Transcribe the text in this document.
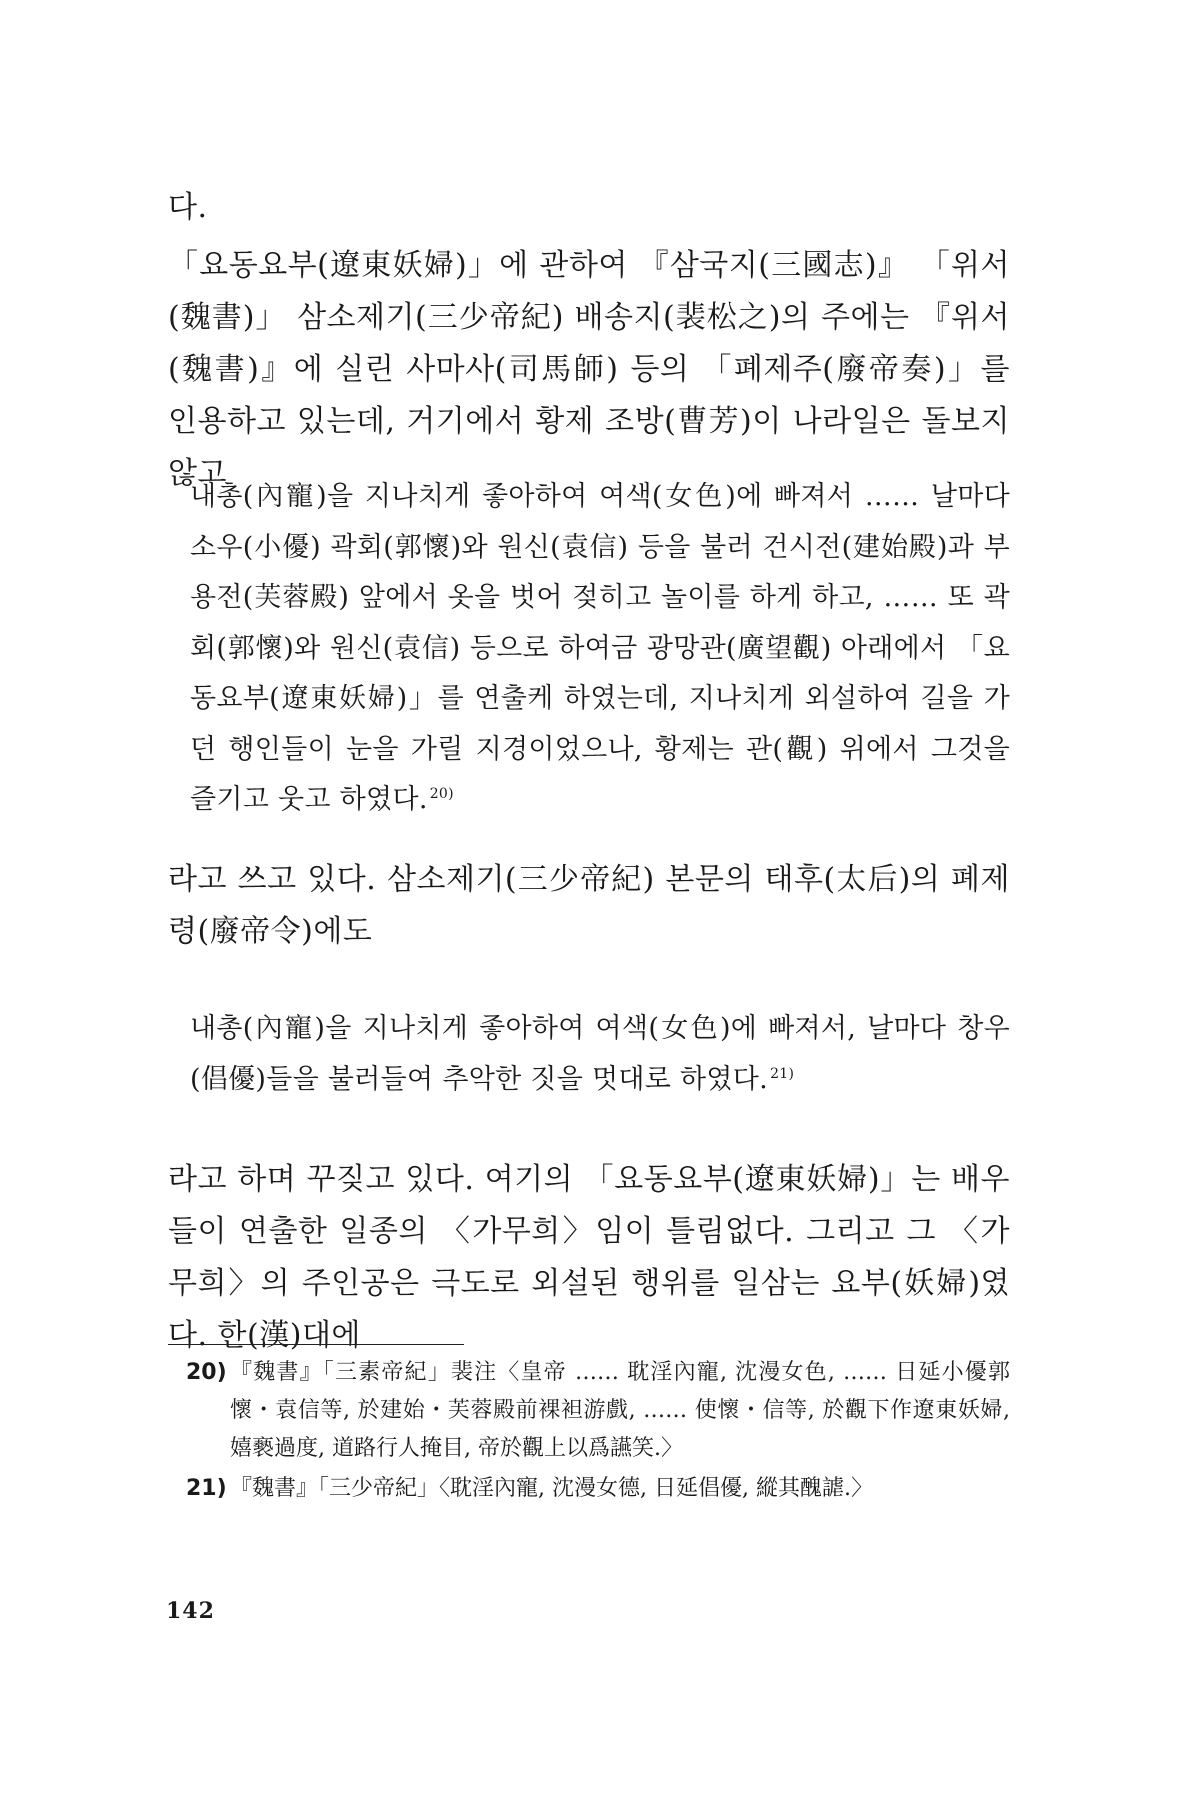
다.

「요동요부(遼東妖婦)」에 관하여 『삼국지(三國志)』 「위서(魏書)」 삼소제기(三少帝紀) 배송지(裴松之)의 주에는 『위서(魏書)』에 실린 사마사(司馬師) 등의 「폐제주(廢帝奏)」를 인용하고 있는데, 거기에서 황제 조방(曹芳)이 나라일은 돌보지 않고

내총(內寵)을 지나치게 좋아하여 여색(女色)에 빠져서 …… 날마다 소우(小優) 곽회(郭懷)와 원신(袁信) 등을 불러 건시전(建始殿)과 부용전(芙蓉殿) 앞에서 옷을 벗어 젖히고 놀이를 하게 하고, …… 또 곽회(郭懷)와 원신(袁信) 등으로 하여금 광망관(廣望觀) 아래에서 「요동요부(遼東妖婦)」를 연출케 하였는데, 지나치게 외설하여 길을 가던 행인들이 눈을 가릴 지경이었으나, 황제는 관(觀) 위에서 그것을 즐기고 웃고 하였다. $^{20)}$

라고 쓰고 있다. 삼소제기(三少帝紀) 본문의 태후(太后)의 폐제령(廢帝令)에도

내총(內寵)을 지나치게 좋아하여 여색(女色)에 빠져서, 날마다 창우(倡優)들을 불러들여 추악한 짓을 멋대로 하였다. $^{21)}$

라고 하며 꾸짖고 있다. 여기의 「요동요부(遼東妖婦)」는 배우들이 연출한 일종의 〈가무희〉임이 틀림없다. 그리고 그 〈가무희〉의 주인공은 극도로 외설된 행위를 일삼는 요부(妖婦)였다. 한(漢)대에

20) 『魏書』「三素帝紀」裴注〈皇帝 …… 耽淫內寵, 沈漫女色, …… 日延小優郭懷・袁信等, 於建始・芙蓉殿前裸袒游戲, …… 使懷・信等, 於觀下作遼東妖婦, 嬉褻過度, 道路行人掩目, 帝於觀上以爲讌笑.〉
21) 『魏書』「三少帝紀」〈耽淫內寵, 沈漫女德, 日延倡優, 縱其醜謔.〉
142
